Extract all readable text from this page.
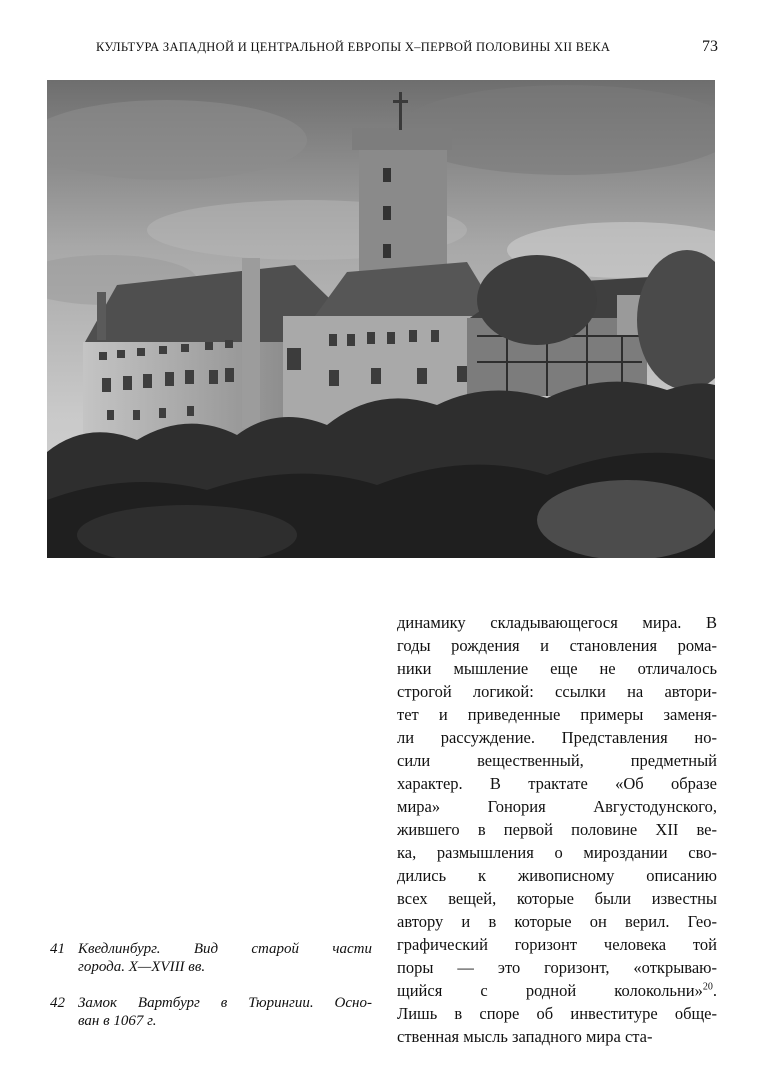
КУЛЬТУРА ЗАПАДНОЙ И ЦЕНТРАЛЬНОЙ ЕВРОПЫ X–ПЕРВОЙ ПОЛОВИНЫ XII ВЕКА	73
динамику складывающегося мира. В
годы рождения и становления рома-
ники мышление еще не отличалось
строгой логикой: ссылки на автори-
тет и приведенные примеры заменя-
ли рассуждение. Представления но-
сили вещественный, предметный
характер. В трактате «Об образе
мира» Гонория Августодунского,
жившего в первой половине XII ве-
ка, размышления о мироздании сво-
дились к живописному описанию
всех вещей, которые были известны
автору и в которые он верил. Гео-
графический горизонт человека той
поры — это горизонт, «открываю-
щийся с родной колокольни»$^{20}$.
Лишь в споре об инвеституре обще-
ственная мысль западного мира ста-
41 Кведлинбург. Вид старой части
города. X—XVIII вв.
42 Замок Вартбург в Тюрингии. Осно-
ван в 1067 г.
